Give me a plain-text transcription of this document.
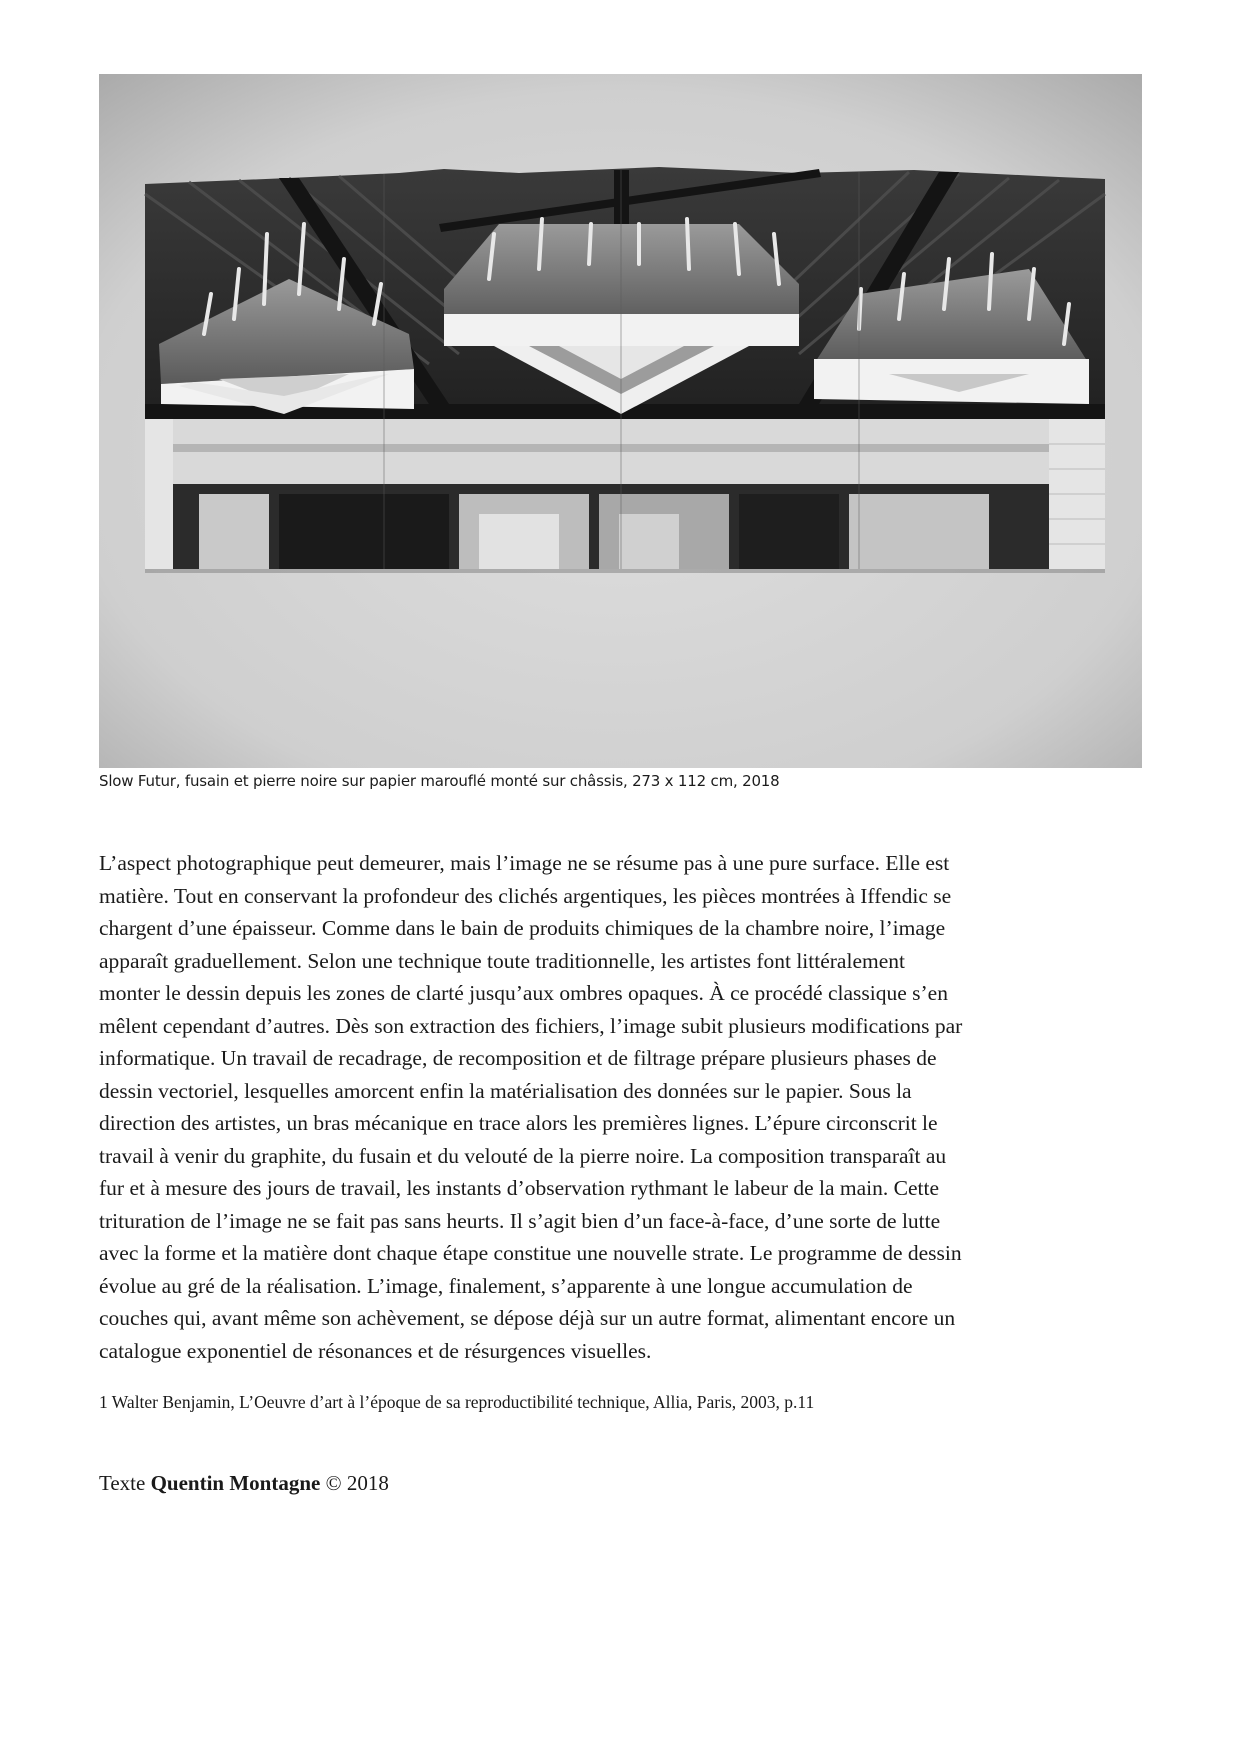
Slow Futur, fusain et pierre noire sur papier marouflé monté sur châssis, 273 x 112 cm, 2018

L’aspect photographique peut demeurer, mais l’image ne se résume pas à une pure surface. Elle est
matière. Tout en conservant la profondeur des clichés argentiques, les pièces montrées à Iffendic se
chargent d’une épaisseur. Comme dans le bain de produits chimiques de la chambre noire, l’image
apparaît graduellement. Selon une technique toute traditionnelle, les artistes font littéralement
monter le dessin depuis les zones de clarté jusqu’aux ombres opaques. À ce procédé classique s’en
mêlent cependant d’autres. Dès son extraction des fichiers, l’image subit plusieurs modifications par
informatique. Un travail de recadrage, de recomposition et de filtrage prépare plusieurs phases de
dessin vectoriel, lesquelles amorcent enfin la matérialisation des données sur le papier. Sous la
direction des artistes, un bras mécanique en trace alors les premières lignes. L’épure circonscrit le
travail à venir du graphite, du fusain et du velouté de la pierre noire. La composition transparaît au
fur et à mesure des jours de travail, les instants d’observation rythmant le labeur de la main. Cette
trituration de l’image ne se fait pas sans heurts. Il s’agit bien d’un face-à-face, d’une sorte de lutte
avec la forme et la matière dont chaque étape constitue une nouvelle strate. Le programme de dessin
évolue au gré de la réalisation. L’image, finalement, s’apparente à une longue accumulation de
couches qui, avant même son achèvement, se dépose déjà sur un autre format, alimentant encore un
catalogue exponentiel de résonances et de résurgences visuelles.

1 Walter Benjamin, L’Oeuvre d’art à l’époque de sa reproductibilité technique, Allia, Paris, 2003, p.11
Texte Quentin Montagne © 2018
